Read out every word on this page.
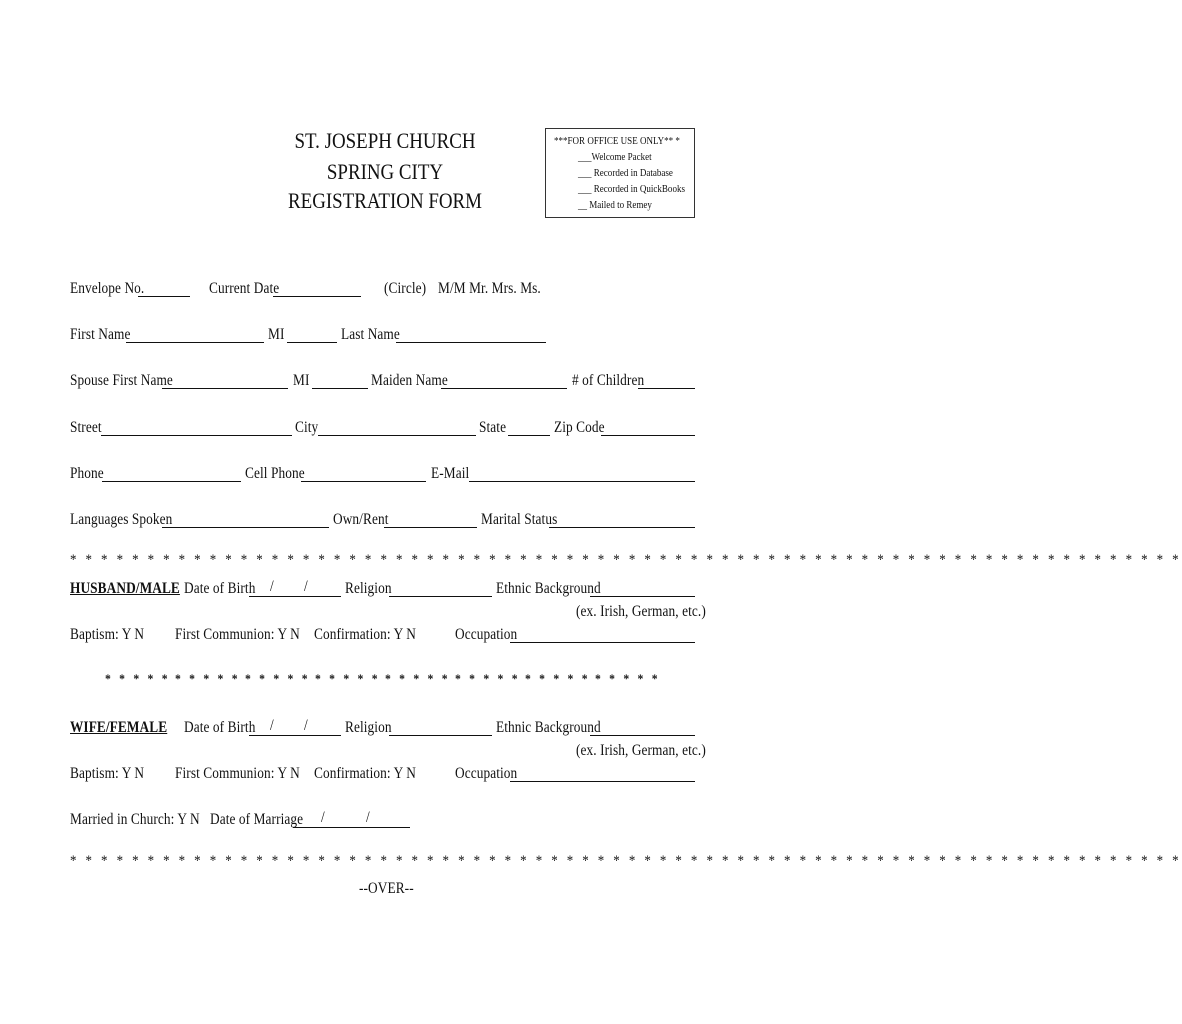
ST. JOSEPH CHURCH
SPRING CITY
REGISTRATION FORM
***FOR OFFICE USE ONLY** *
___Welcome Packet
___ Recorded in Database
___ Recorded in QuickBooks
__ Mailed to Remey
Envelope No.	Current Date	(Circle) M/M Mr. Mrs. Ms.
First Name	MI	Last Name
Spouse First Name	MI	Maiden Name	# of Children
Street	City	State	Zip Code
Phone	Cell Phone	E-Mail
Languages Spoken	Own/Rent	Marital Status
* * * * * * * * * * * * * * * * * * * * * * * * * * * * * * * * * * * * * * * * * * * * * * * * * * * * * * * * * * * * * * * * * * * * * * * *
HUSBAND/MALE Date of Birth / / Religion	Ethnic Background
(ex. Irish, German, etc.)
Baptism: Y N First Communion: Y N Confirmation: Y N	Occupation
* * * * * * * * * * * * * * * * * * * * * * * * * * * * * * * * * * * * * * * *
WIFE/FEMALE Date of Birth / / Religion	Ethnic Background
(ex. Irish, German, etc.)
Baptism: Y N First Communion: Y N Confirmation: Y N	Occupation
Married in Church: Y N Date of Marriage /	/
* * * * * * * * * * * * * * * * * * * * * * * * * * * * * * * * * * * * * * * * * * * * * * * * * * * * * * * * * * * * * * * * * * * * * * * *
--OVER--
